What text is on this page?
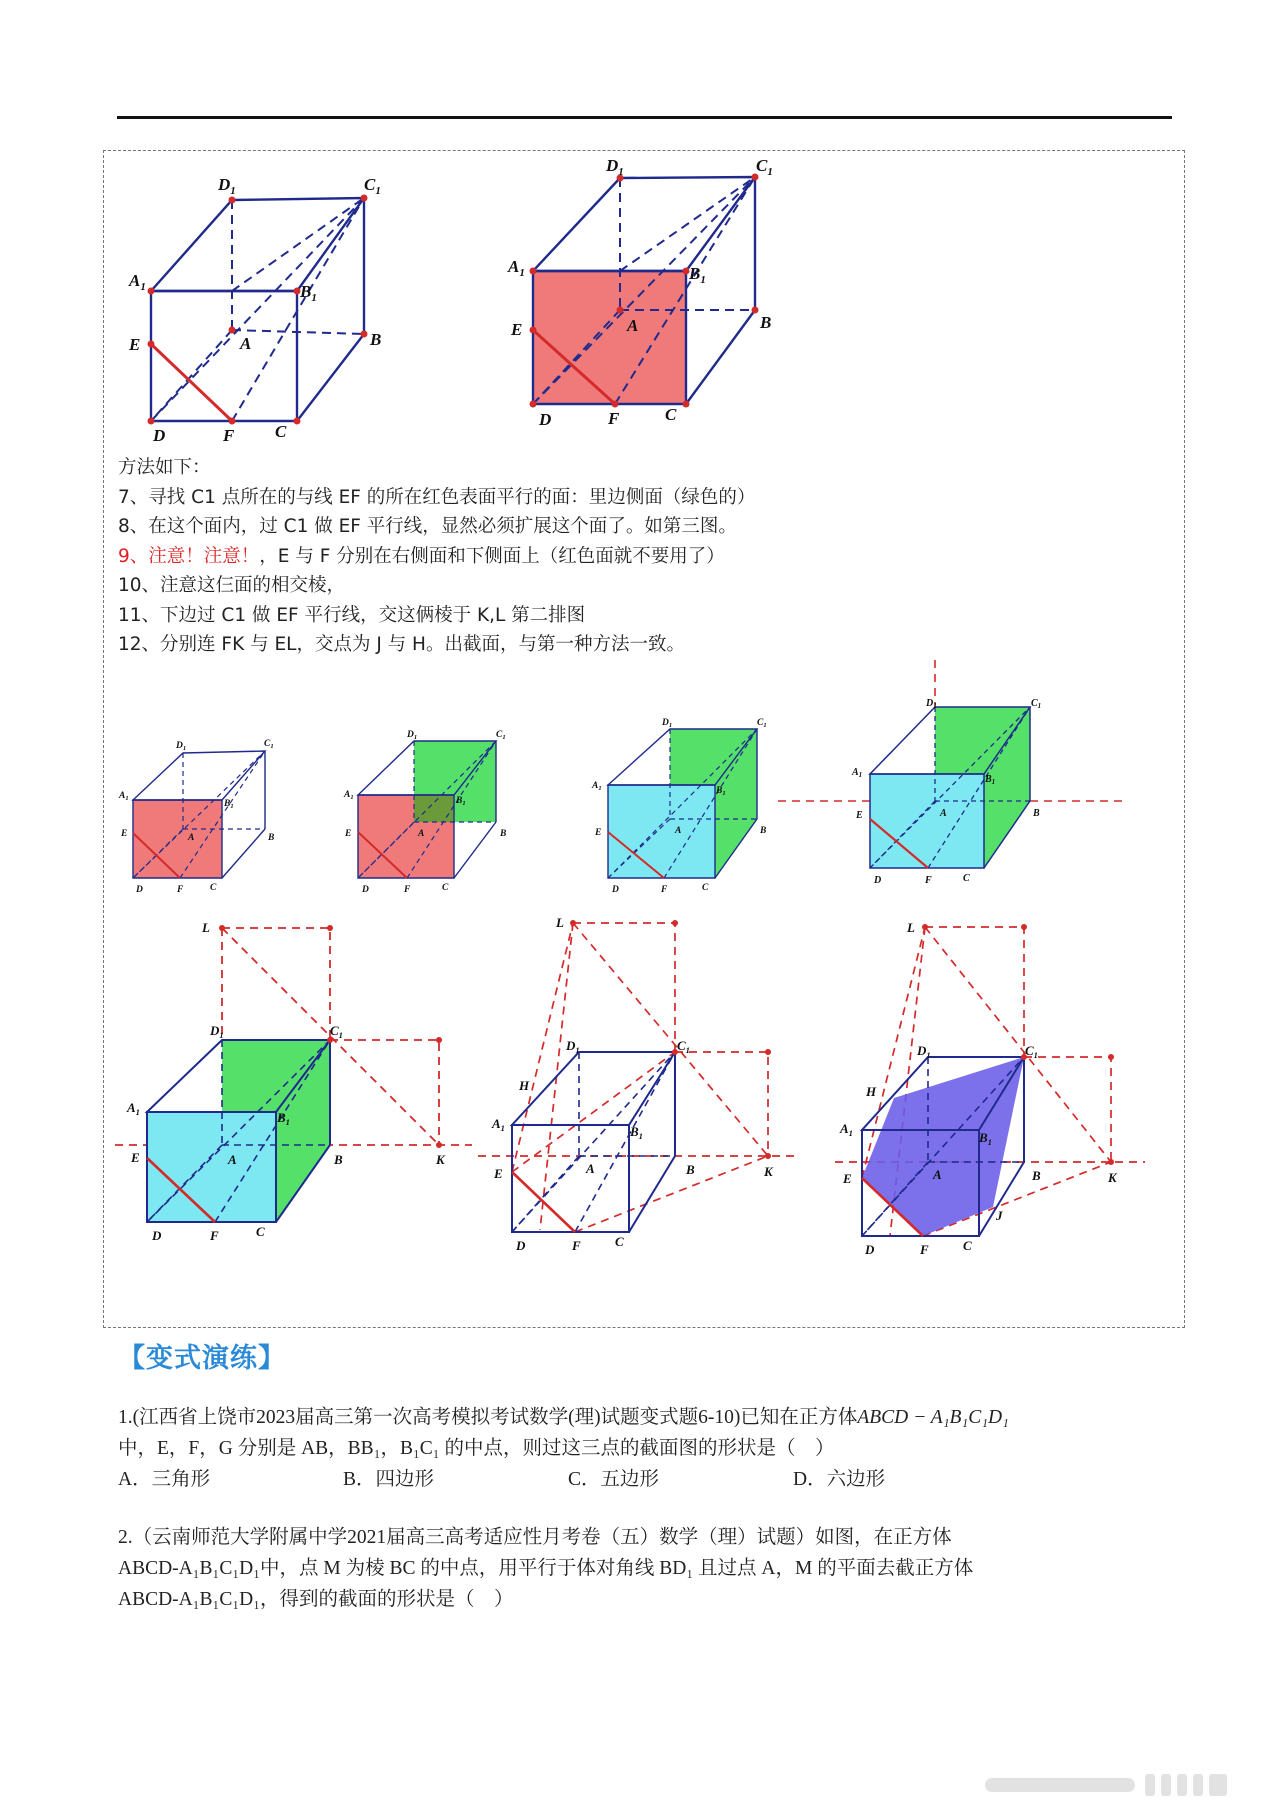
$D_1$	$C_1$
$A_1$	$B_1$
A	B
E
D	F C
$D_1$	$C_1$
$A_1$	$B_1$
A	B
E
D	F	C
方法如下：
7、寻找 C1 点所在的与线 EF 的所在红色表面平行的面：里边侧面（绿色的）
8、在这个面内，过 C1 做 EF 平行线，显然必须扩展这个面了。如第三图。
9、注意！注意！，E 与 F 分别在右侧面和下侧面上（红色面就不要用了）
10、注意这仨面的相交棱，
11、下边过 C1 做 EF 平行线，交这俩棱于 K,L 第二排图
12、分别连 FK 与 EL，交点为 J 与 H。出截面，与第一种方法一致。
$D_1$	$C_1$
$A_1$
$B_1$
A	B
E
D	F	C
$D_1$	$C_1$
$A_1$	$B_1$
A	B
E
D	F	C
$D_1$	$C_1$
$A_1$	$B_1$
A	B
E
D	F	C
$D_1$	$C_1$
$A_1$	$B_1$
A	B
E
D	F	C
L
$D_1$	$C_1$
$A_1$	$B_1$
A	B	K
E
D	F	C
L
$D_1$	$C_1$
H
$A_1$	$B_1$
A	B	K
E
D	F	C
L
$D_1$	$C_1$
H
$A_1$	$B_1$
A	B	K
E
J
D	F	C
【变式演练】
1.(江西省上饶市2023届高三第一次高考模拟考试数学(理)试题变式题6-10)已知在正方体ABCD − A₁B₁C₁D₁
中，E，F，G 分别是 AB，BB₁，B₁C₁ 的中点，则过这三点的截面图的形状是（　）
A．三角形	B．四边形	C．五边形	D．六边形
2.（云南师范大学附属中学2021届高三高考适应性月考卷（五）数学（理）试题）如图，在正方体
ABCD-A₁B₁C₁D₁中，点 M 为棱 BC 的中点，用平行于体对角线 BD₁ 且过点 A，M 的平面去截正方体
ABCD-A₁B₁C₁D₁，得到的截面的形状是（　）
